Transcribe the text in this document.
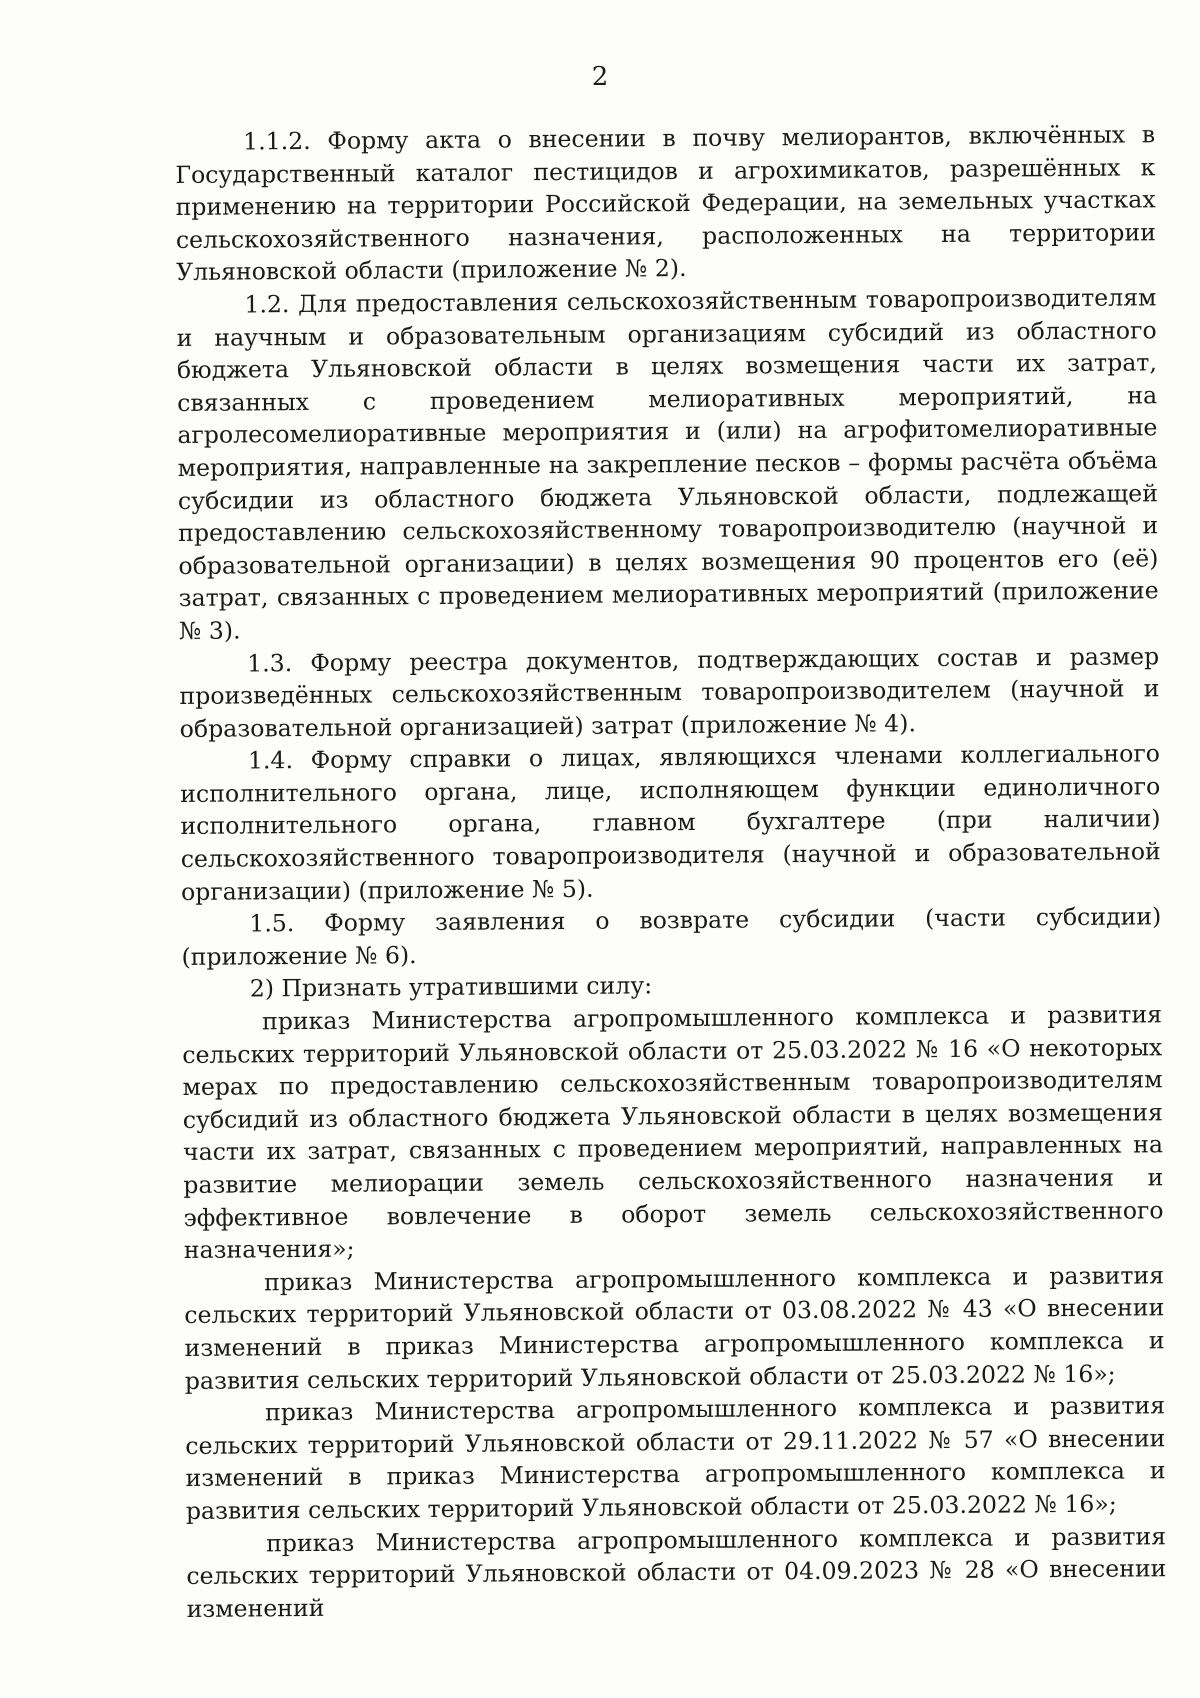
2

1.1.2. Форму акта о внесении в почву мелиорантов, включённых в Государственный каталог пестицидов и агрохимикатов, разрешённых к применению на территории Российской Федерации, на земельных участках сельскохозяйственного назначения, расположенных на территории Ульяновской области (приложение № 2).

1.2. Для предоставления сельскохозяйственным товаропроизводителям и научным и образовательным организациям субсидий из областного бюджета Ульяновской области в целях возмещения части их затрат, связанных с проведением мелиоративных мероприятий, на агролесомелиоративные мероприятия и (или) на агрофитомелиоративные мероприятия, направленные на закрепление песков – формы расчёта объёма субсидии из областного бюджета Ульяновской области, подлежащей предоставлению сельскохозяйственному товаропроизводителю (научной и образовательной организации) в целях возмещения 90 процентов его (её) затрат, связанных с проведением мелиоративных мероприятий (приложение № 3).

1.3. Форму реестра документов, подтверждающих состав и размер произведённых сельскохозяйственным товаропроизводителем (научной и образовательной организацией) затрат (приложение № 4).

1.4. Форму справки о лицах, являющихся членами коллегиального исполнительного органа, лице, исполняющем функции единоличного исполнительного органа, главном бухгалтере (при наличии) сельскохозяйственного товаропроизводителя (научной и образовательной организации) (приложение № 5).

1.5. Форму заявления о возврате субсидии (части субсидии) (приложение № 6).

2) Признать утратившими силу:

приказ Министерства агропромышленного комплекса и развития сельских территорий Ульяновской области от 25.03.2022 № 16 «О некоторых мерах по предоставлению сельскохозяйственным товаропроизводителям субсидий из областного бюджета Ульяновской области в целях возмещения части их затрат, связанных с проведением мероприятий, направленных на развитие мелиорации земель сельскохозяйственного назначения и эффективное вовлечение в оборот земель сельскохозяйственного назначения»;

приказ Министерства агропромышленного комплекса и развития сельских территорий Ульяновской области от 03.08.2022 № 43 «О внесении изменений в приказ Министерства агропромышленного комплекса и развития сельских территорий Ульяновской области от 25.03.2022 № 16»;

приказ Министерства агропромышленного комплекса и развития сельских территорий Ульяновской области от 29.11.2022 № 57 «О внесении изменений в приказ Министерства агропромышленного комплекса и развития сельских территорий Ульяновской области от 25.03.2022 № 16»;

приказ Министерства агропромышленного комплекса и развития сельских территорий Ульяновской области от 04.09.2023 № 28 «О внесении изменений
